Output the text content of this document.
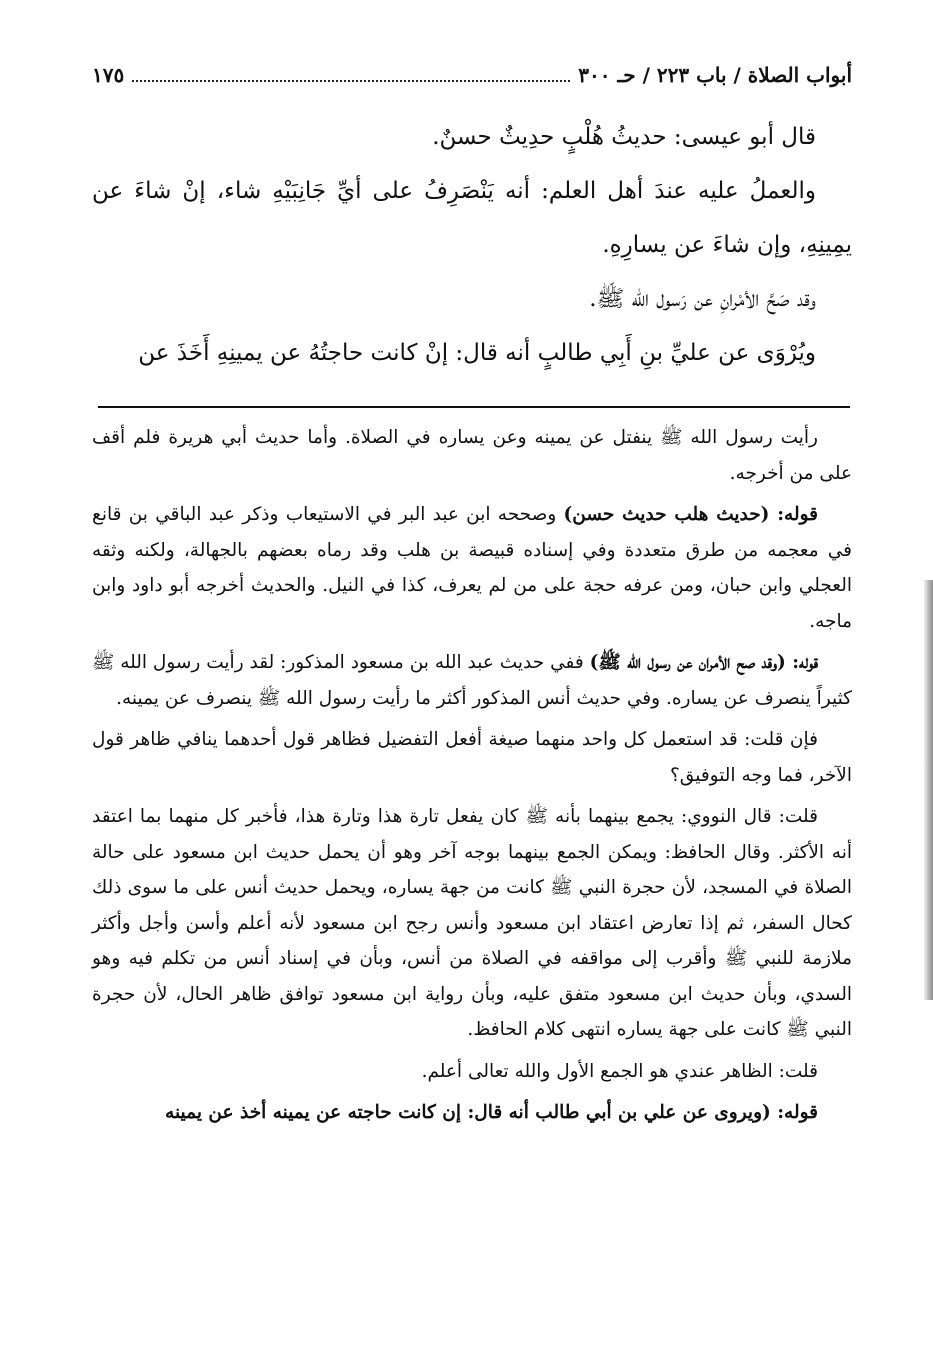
أبواب الصلاة / باب ٢٢٣ / حـ ٣٠٠
١٧٥

قال أبو عيسى: حديثُ هُلْبٍ حدِيثٌ حسنٌ.

والعملُ عليه عندَ أهل العلم: أنه يَنْصَرِفُ على أيِّ جَانِبَيْهِ شاء، إنْ شاءَ عن يمِينِهِ، وإن شاءَ عن يسارِهِ.

وقد صَحَّ الأمْرانِ عن رَسول الله ﷺ.

ويُرْوَى عن عليِّ بنِ أَبِي طالبٍ أنه قال: إنْ كانت حاجتُهُ عن يمينِهِ أَخَذَ عن

رأيت رسول الله ﷺ ينفتل عن يمينه وعن يساره في الصلاة. وأما حديث أبي هريرة فلم أقف على من أخرجه.

قوله: (حديث هلب حديث حسن) وصححه ابن عبد البر في الاستيعاب وذكر عبد الباقي بن قانع في معجمه من طرق متعددة وفي إسناده قبيصة بن هلب وقد رماه بعضهم بالجهالة، ولكنه وثقه العجلي وابن حبان، ومن عرفه حجة على من لم يعرف، كذا في النيل. والحديث أخرجه أبو داود وابن ماجه.

قوله: (وقد صح الأمران عن رسول الله ﷺ) ففي حديث عبد الله بن مسعود المذكور: لقد رأيت رسول الله ﷺ كثيراً ينصرف عن يساره. وفي حديث أنس المذكور أكثر ما رأيت رسول الله ﷺ ينصرف عن يمينه.

فإن قلت: قد استعمل كل واحد منهما صيغة أفعل التفضيل فظاهر قول أحدهما ينافي ظاهر قول الآخر، فما وجه التوفيق؟

قلت: قال النووي: يجمع بينهما بأنه ﷺ كان يفعل تارة هذا وتارة هذا، فأخبر كل منهما بما اعتقد أنه الأكثر. وقال الحافظ: ويمكن الجمع بينهما بوجه آخر وهو أن يحمل حديث ابن مسعود على حالة الصلاة في المسجد، لأن حجرة النبي ﷺ كانت من جهة يساره، ويحمل حديث أنس على ما سوى ذلك كحال السفر، ثم إذا تعارض اعتقاد ابن مسعود وأنس رجح ابن مسعود لأنه أعلم وأسن وأجل وأكثر ملازمة للنبي ﷺ وأقرب إلى مواقفه في الصلاة من أنس، وبأن في إسناد أنس من تكلم فيه وهو السدي، وبأن حديث ابن مسعود متفق عليه، وبأن رواية ابن مسعود توافق ظاهر الحال، لأن حجرة النبي ﷺ كانت على جهة يساره انتهى كلام الحافظ.

قلت: الظاهر عندي هو الجمع الأول والله تعالى أعلم.

قوله: (ويروى عن علي بن أبي طالب أنه قال: إن كانت حاجته عن يمينه أخذ عن يمينه
